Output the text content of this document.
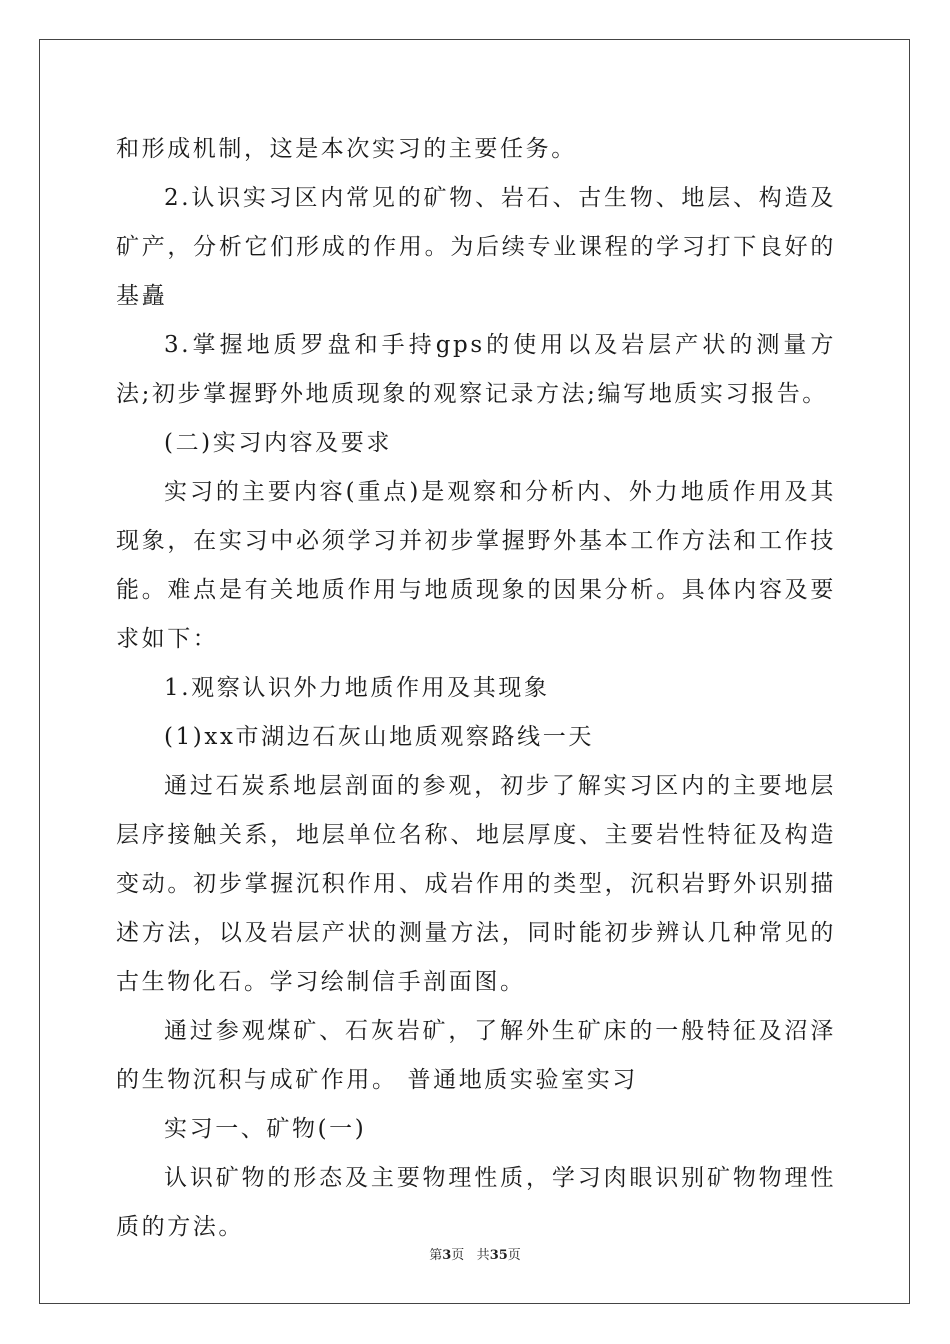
和形成机制，这是本次实习的主要任务。

2.认识实习区内常见的矿物、岩石、古生物、地层、构造及矿产，分析它们形成的作用。为后续专业课程的学习打下良好的基矗

3.掌握地质罗盘和手持gps的使用以及岩层产状的测量方法;初步掌握野外地质现象的观察记录方法;编写地质实习报告。

(二)实习内容及要求

实习的主要内容(重点)是观察和分析内、外力地质作用及其现象，在实习中必须学习并初步掌握野外基本工作方法和工作技能。难点是有关地质作用与地质现象的因果分析。具体内容及要求如下：

1.观察认识外力地质作用及其现象

(1)xx市湖边石灰山地质观察路线一天

通过石炭系地层剖面的参观，初步了解实习区内的主要地层层序接触关系，地层单位名称、地层厚度、主要岩性特征及构造变动。初步掌握沉积作用、成岩作用的类型，沉积岩野外识别描述方法，以及岩层产状的测量方法，同时能初步辨认几种常见的古生物化石。学习绘制信手剖面图。

通过参观煤矿、石灰岩矿，了解外生矿床的一般特征及沼泽的生物沉积与成矿作用。 普通地质实验室实习

实习一、矿物(一)

认识矿物的形态及主要物理性质，学习肉眼识别矿物物理性质的方法。

第3页 共35页
